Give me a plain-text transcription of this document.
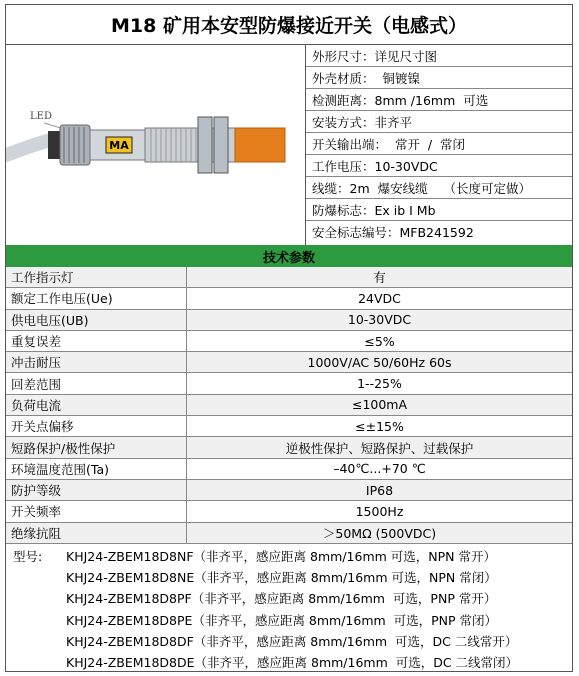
M18 矿用本安型防爆接近开关（电感式）
LED
MA
外形尺寸：详见尺寸图
外壳材质：  铜镀镍
检测距离：8mm /16mm  可选
安装方式：非齐平
开关输出端：  常开  /  常闭
工作电压：10-30VDC
线缆：2m  爆安线缆    （长度可定做）
防爆标志：Ex ib I Mb
安全标志编号：MFB241592
技术参数
工作指示灯	有
额定工作电压(Ue)	24VDC
供电电压(UB)	10-30VDC
重复误差	≤5%
冲击耐压	1000V/AC 50/60Hz 60s
回差范围	1--25%
负荷电流	≤100mA
开关点偏移	≤±15%
短路保护/极性保护	逆极性保护、短路保护、过载保护
环境温度范围(Ta)	–40℃...+70 ℃
防护等级	IP68
开关频率	1500Hz
绝缘抗阻	＞50MΩ (500VDC)
型号:	KHJ24-ZBEM18D8NF（非齐平，感应距离 8mm/16mm 可选，NPN 常开）
KHJ24-ZBEM18D8NE（非齐平，感应距离 8mm/16mm 可选，NPN 常闭）
KHJ24-ZBEM18D8PF（非齐平，感应距离 8mm/16mm  可选，PNP 常开）
KHJ24-ZBEM18D8PE（非齐平，感应距离 8mm/16mm  可选，PNP 常闭）
KHJ24-ZBEM18D8DF（非齐平，感应距离 8mm/16mm  可选，DC 二线常开）
KHJ24-ZBEM18D8DE（非齐平，感应距离 8mm/16mm  可选，DC 二线常闭）
